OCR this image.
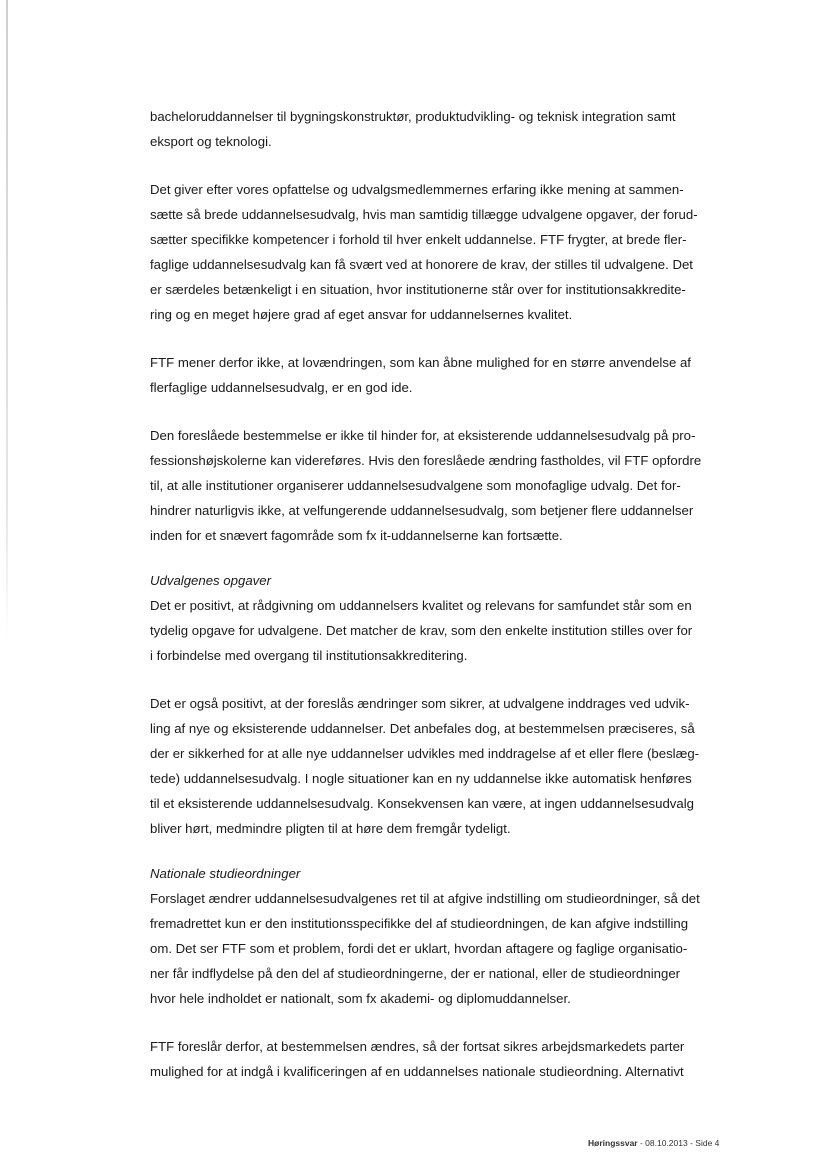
bacheloruddannelser til bygningskonstruktør, produktudvikling- og teknisk integration samt
eksport og teknologi.

Det giver efter vores opfattelse og udvalgsmedlemmernes erfaring ikke mening at sammen-
sætte så brede uddannelsesudvalg, hvis man samtidig tillægge udvalgene opgaver, der forud-
sætter specifikke kompetencer i forhold til hver enkelt uddannelse. FTF frygter, at brede fler-
faglige uddannelsesudvalg kan få svært ved at honorere de krav, der stilles til udvalgene. Det
er særdeles betænkeligt i en situation, hvor institutionerne står over for institutionsakkredite-
ring og en meget højere grad af eget ansvar for uddannelsernes kvalitet.

FTF mener derfor ikke, at lovændringen, som kan åbne mulighed for en større anvendelse af
flerfaglige uddannelsesudvalg, er en god ide.

Den foreslåede bestemmelse er ikke til hinder for, at eksisterende uddannelsesudvalg på pro-
fessionshøjskolerne kan videreføres. Hvis den foreslåede ændring fastholdes, vil FTF opfordre
til, at alle institutioner organiserer uddannelsesudvalgene som monofaglige udvalg. Det for-
hindrer naturligvis ikke, at velfungerende uddannelsesudvalg, som betjener flere uddannelser
inden for et snævert fagområde som fx it-uddannelserne kan fortsætte.

Udvalgenes opgaver

Det er positivt, at rådgivning om uddannelsers kvalitet og relevans for samfundet står som en
tydelig opgave for udvalgene. Det matcher de krav, som den enkelte institution stilles over for
i forbindelse med overgang til institutionsakkreditering.

Det er også positivt, at der foreslås ændringer som sikrer, at udvalgene inddrages ved udvik-
ling af nye og eksisterende uddannelser. Det anbefales dog, at bestemmelsen præciseres, så
der er sikkerhed for at alle nye uddannelser udvikles med inddragelse af et eller flere (beslæg-
tede) uddannelsesudvalg. I nogle situationer kan en ny uddannelse ikke automatisk henføres
til et eksisterende uddannelsesudvalg. Konsekvensen kan være, at ingen uddannelsesudvalg
bliver hørt, medmindre pligten til at høre dem fremgår tydeligt.

Nationale studieordninger

Forslaget ændrer uddannelsesudvalgenes ret til at afgive indstilling om studieordninger, så det
fremadrettet kun er den institutionsspecifikke del af studieordningen, de kan afgive indstilling
om. Det ser FTF som et problem, fordi det er uklart, hvordan aftagere og faglige organisatio-
ner får indflydelse på den del af studieordningerne, der er national, eller de studieordninger
hvor hele indholdet er nationalt, som fx akademi- og diplomuddannelser.

FTF foreslår derfor, at bestemmelsen ændres, så der fortsat sikres arbejdsmarkedets parter
mulighed for at indgå i kvalificeringen af en uddannelses nationale studieordning. Alternativt

Høringssvar - 08.10.2013 - Side 4
